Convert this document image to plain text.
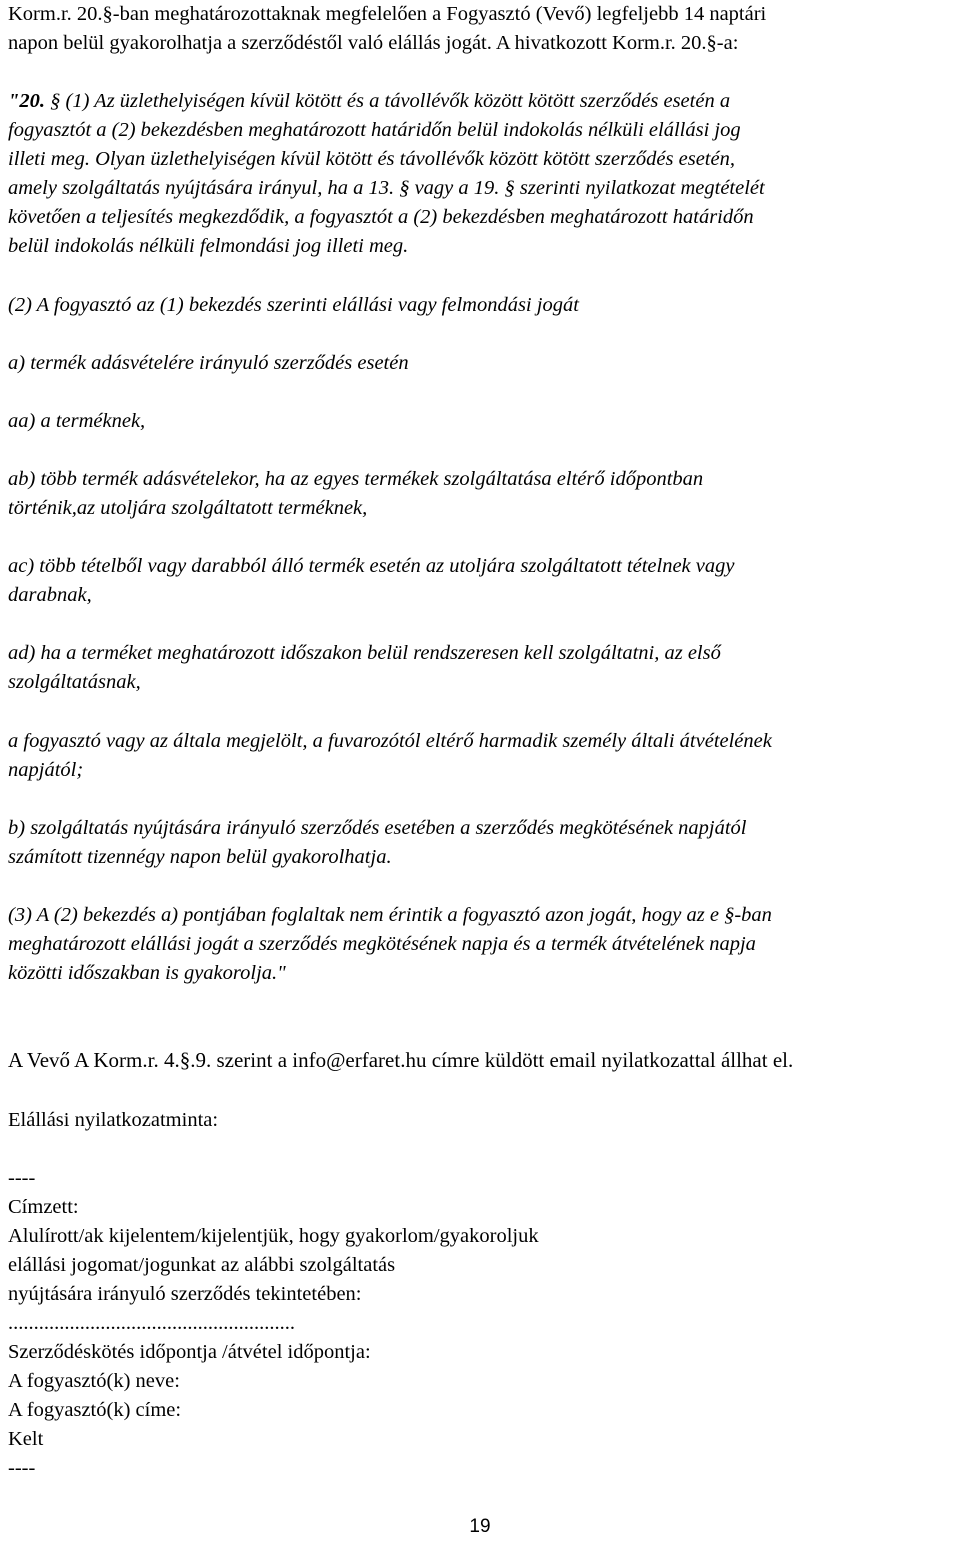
Korm.r. 20.§-ban meghatározottaknak megfelelően a Fogyasztó (Vevő) legfeljebb 14 naptári
napon belül gyakorolhatja a szerződéstől való elállás jogát. A hivatkozott Korm.r. 20.§-a:
"20. § (1) Az üzlethelyiségen kívül kötött és a távollévők között kötött szerződés esetén a
fogyasztót a (2) bekezdésben meghatározott határidőn belül indokolás nélküli elállási jog
illeti meg. Olyan üzlethelyiségen kívül kötött és távollévők között kötött szerződés esetén,
amely szolgáltatás nyújtására irányul, ha a 13. § vagy a 19. § szerinti nyilatkozat megtételét
követően a teljesítés megkezdődik, a fogyasztót a (2) bekezdésben meghatározott határidőn
belül indokolás nélküli felmondási jog illeti meg.
(2) A fogyasztó az (1) bekezdés szerinti elállási vagy felmondási jogát
a) termék adásvételére irányuló szerződés esetén
aa) a terméknek,
ab) több termék adásvételekor, ha az egyes termékek szolgáltatása eltérő időpontban
történik,az utoljára szolgáltatott terméknek,
ac) több tételből vagy darabból álló termék esetén az utoljára szolgáltatott tételnek vagy
darabnak,
ad) ha a terméket meghatározott időszakon belül rendszeresen kell szolgáltatni, az első
szolgáltatásnak,
a fogyasztó vagy az általa megjelölt, a fuvarozótól eltérő harmadik személy általi átvételének
napjától;
b) szolgáltatás nyújtására irányuló szerződés esetében a szerződés megkötésének napjától
számított tizennégy napon belül gyakorolhatja.
(3) A (2) bekezdés a) pontjában foglaltak nem érintik a fogyasztó azon jogát, hogy az e §-ban
meghatározott elállási jogát a szerződés megkötésének napja és a termék átvételének napja
közötti időszakban is gyakorolja."
A Vevő A Korm.r. 4.§.9. szerint a info@erfaret.hu címre küldött email nyilatkozattal állhat el.
Elállási nyilatkozatminta:
----
Címzett:
Alulírott/ak kijelentem/kijelentjük, hogy gyakorlom/gyakoroljuk
elállási jogomat/jogunkat az alábbi szolgáltatás
nyújtására irányuló szerződés tekintetében:
........................................................
Szerződéskötés időpontja /átvétel időpontja:
A fogyasztó(k) neve:
A fogyasztó(k) címe:
Kelt
----
19
